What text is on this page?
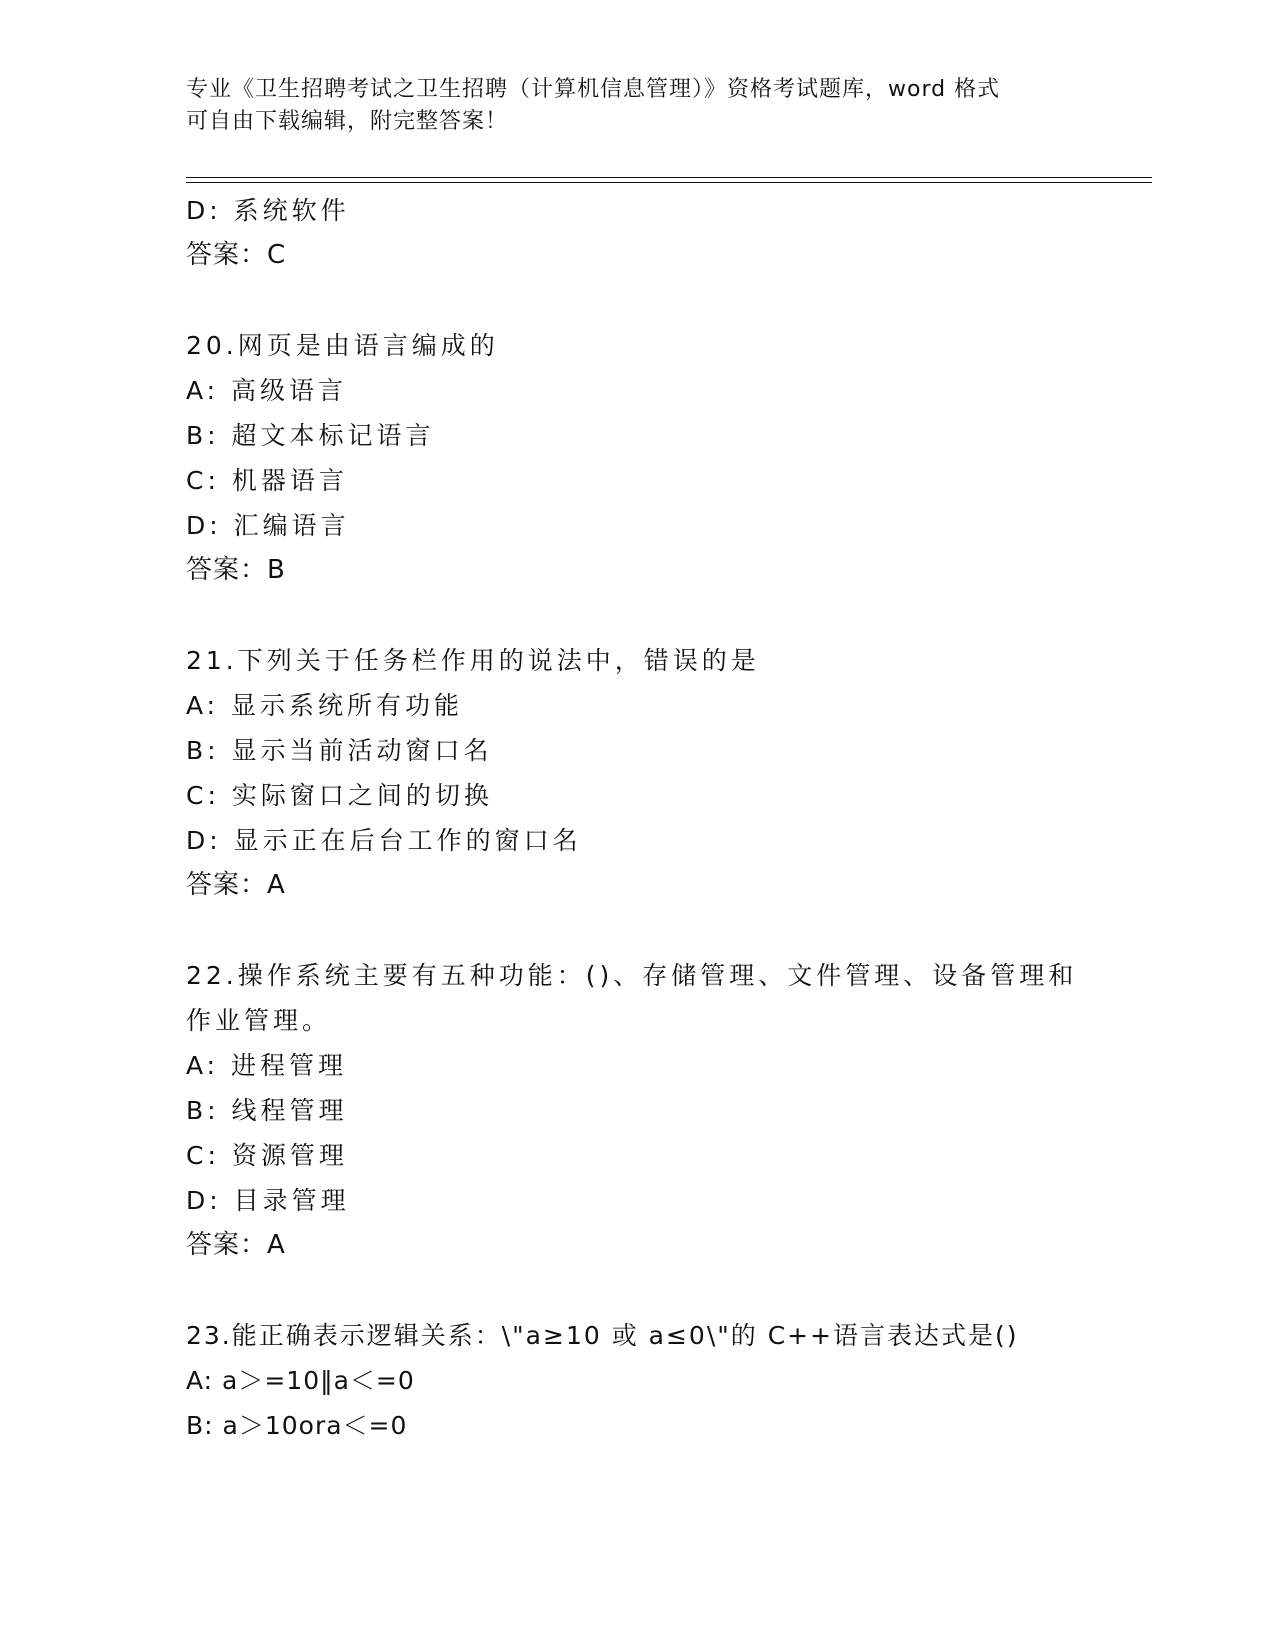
专业《卫生招聘考试之卫生招聘（计算机信息管理）》资格考试题库，word 格式
可自由下载编辑，附完整答案！
D: 系统软件
答案：C
20.网页是由语言编成的
A: 高级语言
B: 超文本标记语言
C: 机器语言
D: 汇编语言
答案：B
21.下列关于任务栏作用的说法中，错误的是
A: 显示系统所有功能
B: 显示当前活动窗口名
C: 实际窗口之间的切换
D: 显示正在后台工作的窗口名
答案：A
22.操作系统主要有五种功能：()、存储管理、文件管理、设备管理和
作业管理。
A: 进程管理
B: 线程管理
C: 资源管理
D: 目录管理
答案：A
23.能正确表示逻辑关系：\"a≥10 或 a≤0\"的 C++语言表达式是()
A: a＞=10‖a＜=0
B: a＞10ora＜=0
